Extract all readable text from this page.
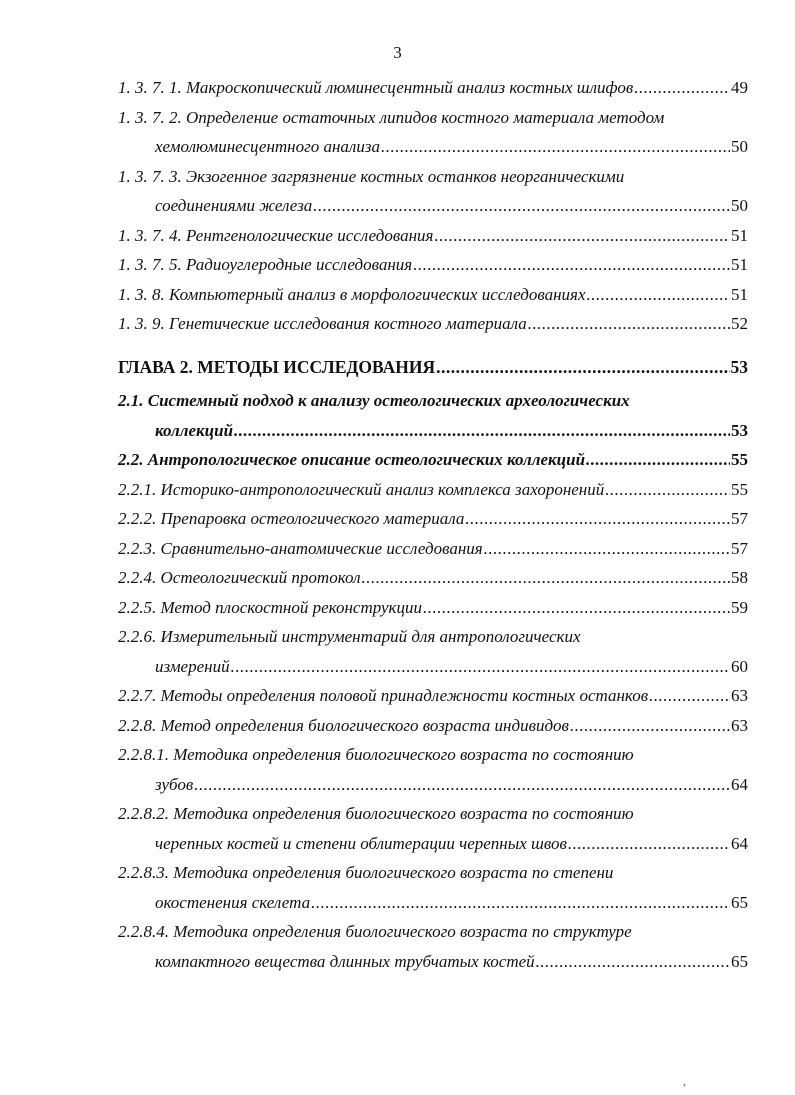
3
1. 3. 7. 1. Макроскопический люминесцентный анализ костных шлифов .....	49
1. 3. 7. 2. Определение остаточных липидов костного материала методом
хемолюминесцентного анализа .....	50
1. 3. 7. 3. Экзогенное загрязнение костных останков неорганическими
соединениями железа .....	50
1. 3. 7. 4. Рентгенологические исследования .....	51
1. 3. 7. 5. Радиоуглеродные исследования .....	51
1. 3. 8. Компьютерный анализ в морфологических исследованиях .....	51
1. 3. 9. Генетические исследования костного материала .....	52
ГЛАВА 2. МЕТОДЫ ИССЛЕДОВАНИЯ .....	53
2.1. Системный подход к анализу остеологических археологических
коллекций .....	53
2.2. Антропологическое описание остеологических коллекций .....	55
2.2.1. Историко-антропологический анализ комплекса захоронений .....	55
2.2.2. Препаровка остеологического материала .....	57
2.2.3. Сравнительно-анатомические исследования .....	57
2.2.4. Остеологический протокол .....	58
2.2.5. Метод плоскостной реконструкции .....	59
2.2.6. Измерительный инструментарий для антропологических
измерений .....	60
2.2.7. Методы определения половой принадлежности костных останков .....	63
2.2.8. Метод определения биологического возраста индивидов .....	63
2.2.8.1. Методика определения биологического возраста по состоянию
зубов .....	64
2.2.8.2. Методика определения биологического возраста по состоянию
черепных костей и степени облитерации черепных швов .....	64
2.2.8.3. Методика определения биологического возраста по степени
окостенения скелета .....	65
2.2.8.4. Методика определения биологического возраста по структуре
компактного вещества длинных трубчатых костей .....	65
,
